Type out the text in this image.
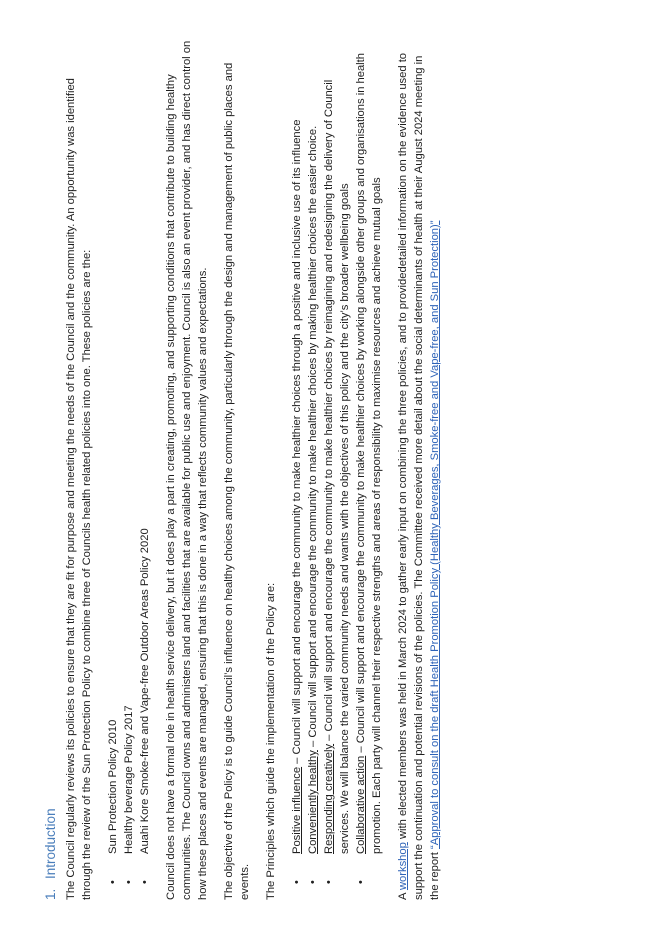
1. Introduction The Council regularly reviews its policies to ensure that they are fit for purpose and meeting the needs of the Council and the community. An opportunity was identified through the review of the Sun Protection Policy to combine three of Councils health related policies into one. These policies are the: • Sun Protection Policy 2010 • Healthy beverage Policy 2017 • Auahi Kore Smoke-free and Vape-free Outdoor Areas Policy 2020 Council does not have a formal role in health service delivery, but it does play a part in creating, promoting, and supporting conditions that contribute to building healthy communities. The Council owns and administers land and facilities that are available for public use and enjoyment. Council is also an event provider, and has direct control on how these places and events are managed, ensuring that this is done in a way that reflects community values and expectations. The objective of the Policy is to guide Council’s influence on healthy choices among the community, particularly through the design and management of public places and events. The Principles which guide the implementation of the Policy are: • Positive influence – Council will support and encourage the community to make healthier choices through a positive and inclusive use of its influence
• Conveniently healthy – Council will support and encourage the community to make healthier choices by making healthier choices the easier choice.
• Responding creatively – Council will support and encourage the community to make healthier choices by reimagining and redesigning the delivery of Council services. We will balance the varied community needs and wants with the objectives of this policy and the city’s broader wellbeing goals • Collaborative action – Council will support and encourage the community to make healthier choices by working alongside other groups and organisations in health promotion. Each party will channel their respective strengths and areas of responsibility to maximise resources and achieve mutual goals

A workshop with elected members was held in March 2024 to gather early input on combining the three policies, and to providedetailed information on the evidence used to support the continuation and potential revisions of the policies. The Committee received more detail about the social determinants of health at their August 2024 meeting in the report “Approval to consult on the draft Health Promotion Policy (Healthy Beverages, Smoke-free and Vape-free, and Sun Protection)”
